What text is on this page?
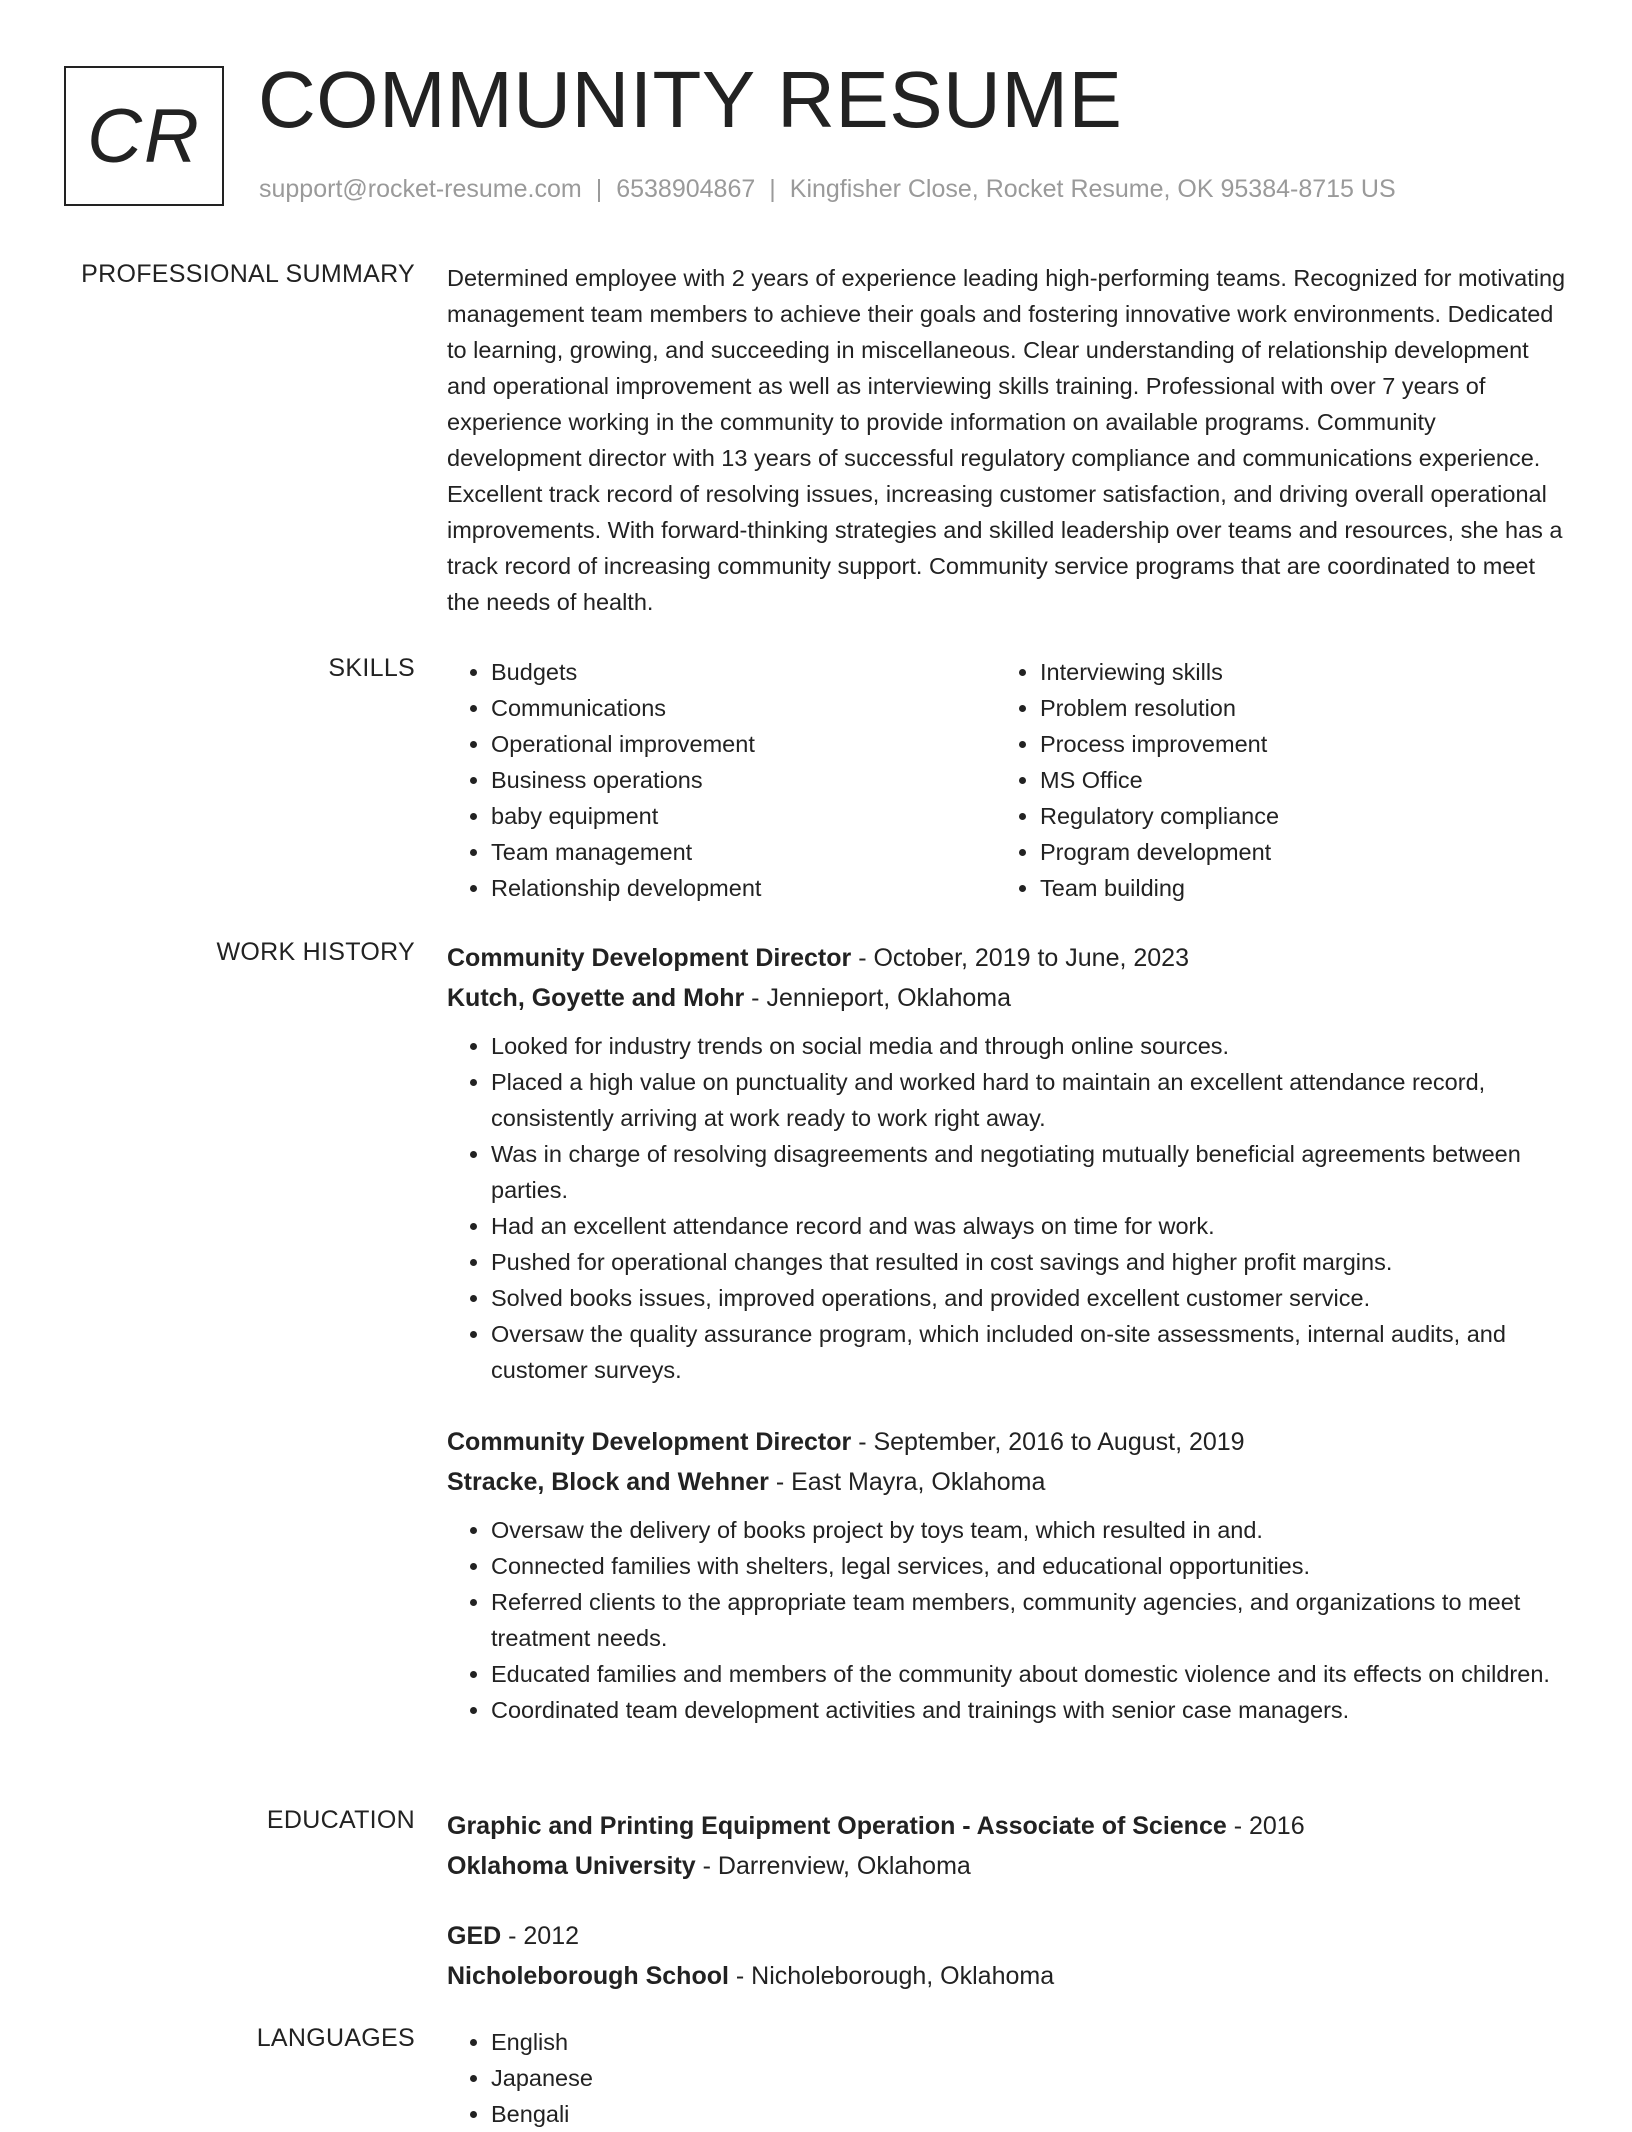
CR COMMUNITY RESUME
support@rocket-resume.com | 6538904867 | Kingfisher Close, Rocket Resume, OK 95384-8715 US
PROFESSIONAL SUMMARY Determined employee with 2 years of experience leading high-performing teams. Recognized for motivating management team members to achieve their goals and fostering innovative work environments. Dedicated to learning, growing, and succeeding in miscellaneous. Clear understanding of relationship development and operational improvement as well as interviewing skills training. Professional with over 7 years of experience working in the community to provide information on available programs. Community development director with 13 years of successful regulatory compliance and communications experience. Excellent track record of resolving issues, increasing customer satisfaction, and driving overall operational improvements. With forward-thinking strategies and skilled leadership over teams and resources, she has a track record of increasing community support. Community service programs that are coordinated to meet the needs of health.

SKILLS	• Budgets
• Communications
• Operational improvement
• Business operations
• baby equipment
• Team management
• Relationship development
• Interviewing skills
• Problem resolution
• Process improvement
• MS Office
• Regulatory compliance
• Program development
• Team building
WORK HISTORY Community Development Director - October, 2019 to June, 2023
Kutch, Goyette and Mohr - Jennieport, Oklahoma
• Looked for industry trends on social media and through online sources.
• Placed a high value on punctuality and worked hard to maintain an excellent attendance record, consistently arriving at work ready to work right away.
• Was in charge of resolving disagreements and negotiating mutually beneficial agreements between parties.
• Had an excellent attendance record and was always on time for work.
• Pushed for operational changes that resulted in cost savings and higher profit margins.
• Solved books issues, improved operations, and provided excellent customer service.
• Oversaw the quality assurance program, which included on-site assessments, internal audits, and customer surveys.
Community Development Director - September, 2016 to August, 2019
Stracke, Block and Wehner - East Mayra, Oklahoma
• Oversaw the delivery of books project by toys team, which resulted in and.
• Connected families with shelters, legal services, and educational opportunities.
• Referred clients to the appropriate team members, community agencies, and organizations to meet treatment needs.
• Educated families and members of the community about domestic violence and its effects on children.
• Coordinated team development activities and trainings with senior case managers.
EDUCATION Graphic and Printing Equipment Operation - Associate of Science - 2016
Oklahoma University - Darrenview, Oklahoma
GED - 2012
Nicholeborough School - Nicholeborough, Oklahoma
LANGUAGES	• English
• Japanese
• Bengali
